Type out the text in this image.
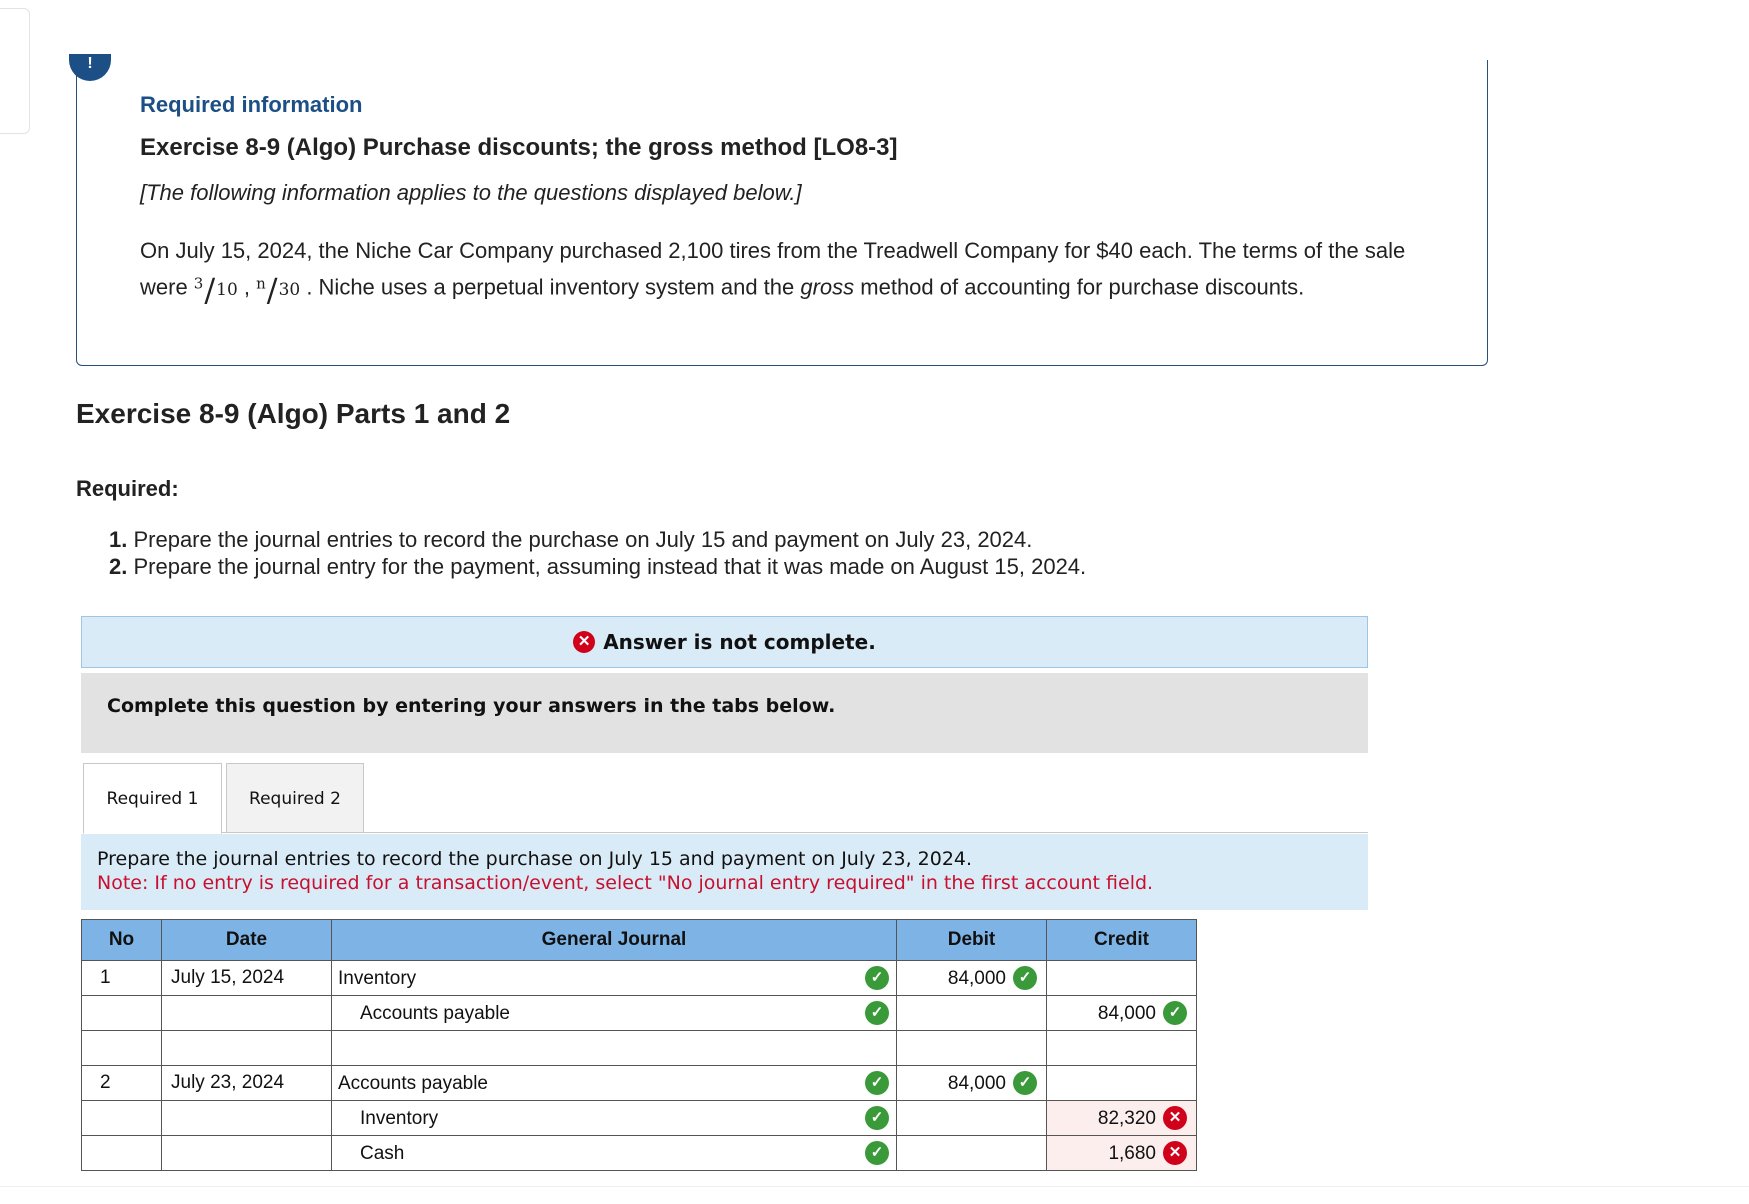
!
Required information
Exercise 8-9 (Algo) Purchase discounts; the gross method [LO8-3]
[The following information applies to the questions displayed below.]
On July 15, 2024, the Niche Car Company purchased 2,100 tires from the Treadwell Company for $40 each. The terms of the sale were $^3$/10 , $^n$/30 . Niche uses a perpetual inventory system and the gross method of accounting for purchase discounts.
Exercise 8-9 (Algo) Parts 1 and 2
Required:
1. Prepare the journal entries to record the purchase on July 15 and payment on July 23, 2024.
2. Prepare the journal entry for the payment, assuming instead that it was made on August 15, 2024.
✕ Answer is not complete.
Complete this question by entering your answers in the tabs below.
Required 1	Required 2
Prepare the journal entries to record the purchase on July 15 and payment on July 23, 2024.
Note: If no entry is required for a transaction/event, select "No journal entry required" in the first account field.
No	Date	General Journal	Debit	Credit
1	July 15, 2024	Inventory ✓	84,000 ✓	

		Accounts payable ✓		84,000 ✓

2	July 23, 2024	Accounts payable ✓	84,000 ✓	

		Inventory ✓		82,320 ✕

		Cash ✓		1,680 ✕
